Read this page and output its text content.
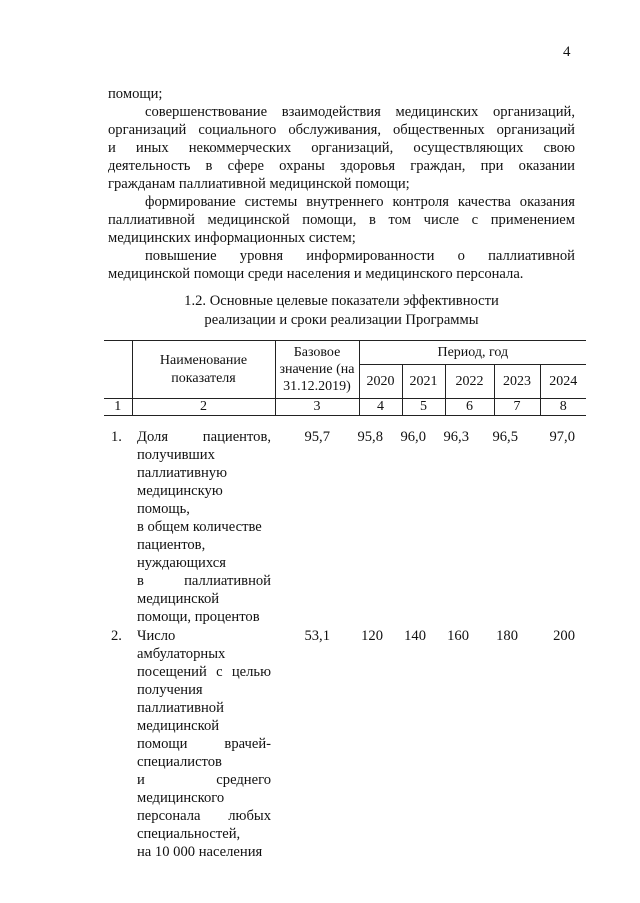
4

помощи;

совершенствование взаимодействия медицинских организаций,

организаций социального обслуживания, общественных организаций

и иных некоммерческих организаций, осуществляющих свою

деятельность в сфере охраны здоровья граждан, при оказании

гражданам паллиативной медицинской помощи;

формирование системы внутреннего контроля качества оказания

паллиативной медицинской помощи, в том числе с применением

медицинских информационных систем;

повышение уровня информированности о паллиативной

медицинской помощи среди населения и медицинского персонала.

1.2. Основные целевые показатели эффективности
реализации и сроки реализации Программы
	Наименование показателя	Базовое
значение (на
31.12.2019)	Период, год				
			2020	2021	2022	2023	2024
1	2	3	4	5	6	7	8
1. Доля пациентов,
получивших
паллиативную
медицинскую
помощь,
в общем количестве
пациентов,
нуждающихся
в паллиативной
медицинской
помощи, процентов
95,7	95,8	96,0	96,3	96,5	97,0
2. Число
амбулаторных
посещений с целью
получения
паллиативной
медицинской
помощи врачей-
специалистов
и среднего
медицинского
персонала любых
специальностей,
на 10 000 населения
53,1	120	140	160	180	200
